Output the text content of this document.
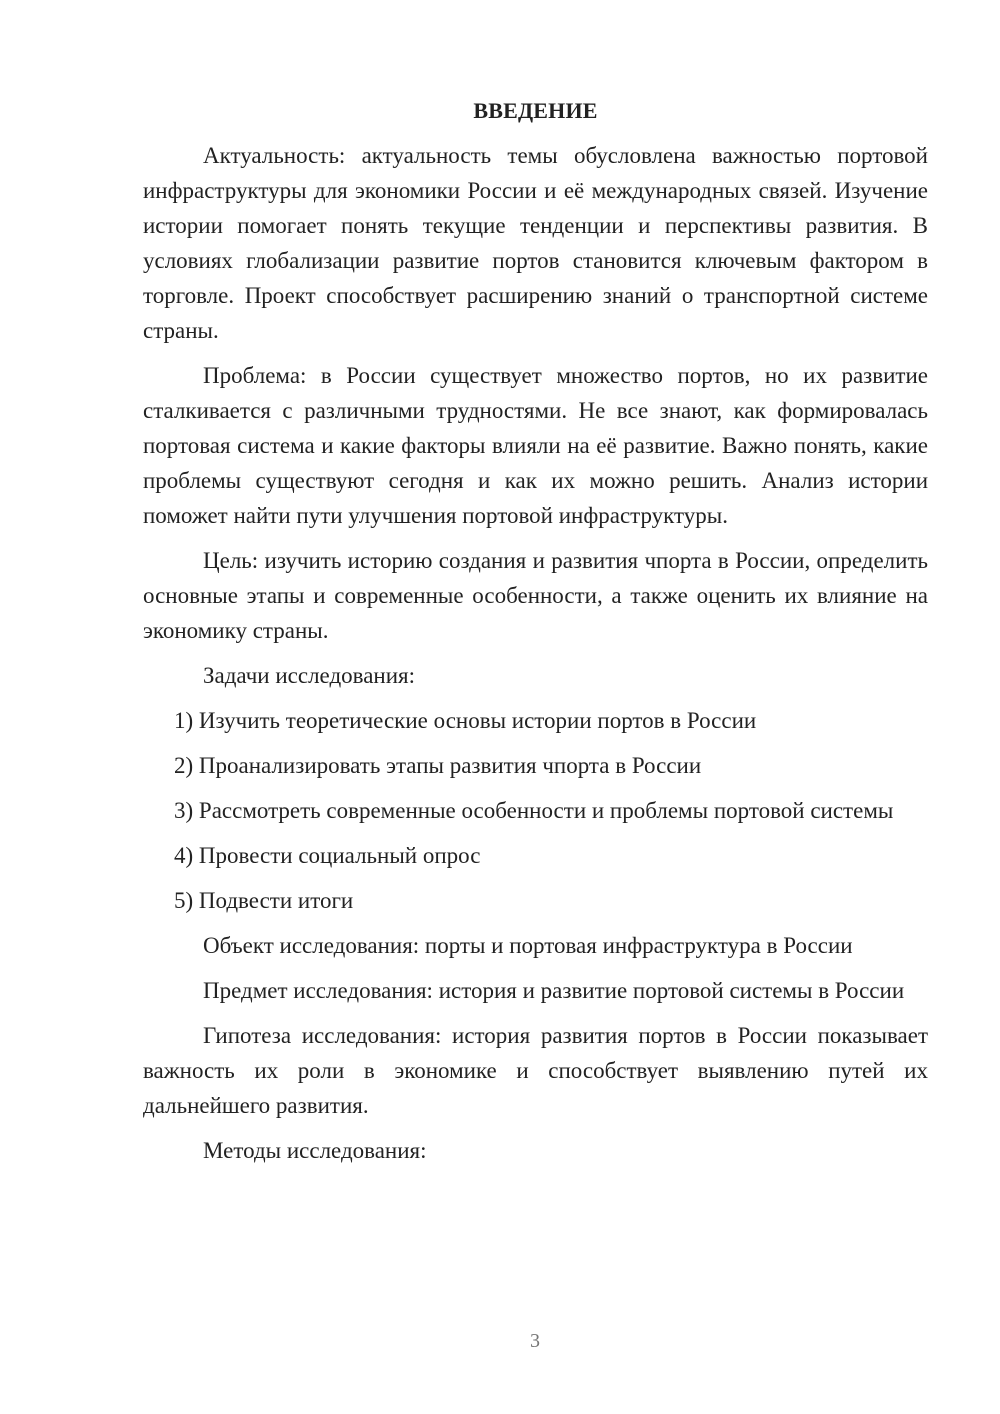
ВВЕДЕНИЕ

Актуальность: актуальность темы обусловлена важностью портовой инфраструктуры для экономики России и её международных связей. Изучение истории помогает понять текущие тенденции и перспективы развития. В условиях глобализации развитие портов становится ключевым фактором в торговле. Проект способствует расширению знаний о транспортной системе страны.

Проблема: в России существует множество портов, но их развитие сталкивается с различными трудностями. Не все знают, как формировалась портовая система и какие факторы влияли на её развитие. Важно понять, какие проблемы существуют сегодня и как их можно решить. Анализ истории поможет найти пути улучшения портовой инфраструктуры.

Цель: изучить историю создания и развития чпорта в России, определить основные этапы и современные особенности, а также оценить их влияние на экономику страны.

Задачи исследования:

1) Изучить теоретические основы истории портов в России

2) Проанализировать этапы развития чпорта в России

3) Рассмотреть современные особенности и проблемы портовой системы

4) Провести социальный опрос

5) Подвести итоги

Объект исследования: порты и портовая инфраструктура в России

Предмет исследования: история и развитие портовой системы в России

Гипотеза исследования: история развития портов в России показывает важность их роли в экономике и способствует выявлению путей их дальнейшего развития.

Методы исследования:

3
